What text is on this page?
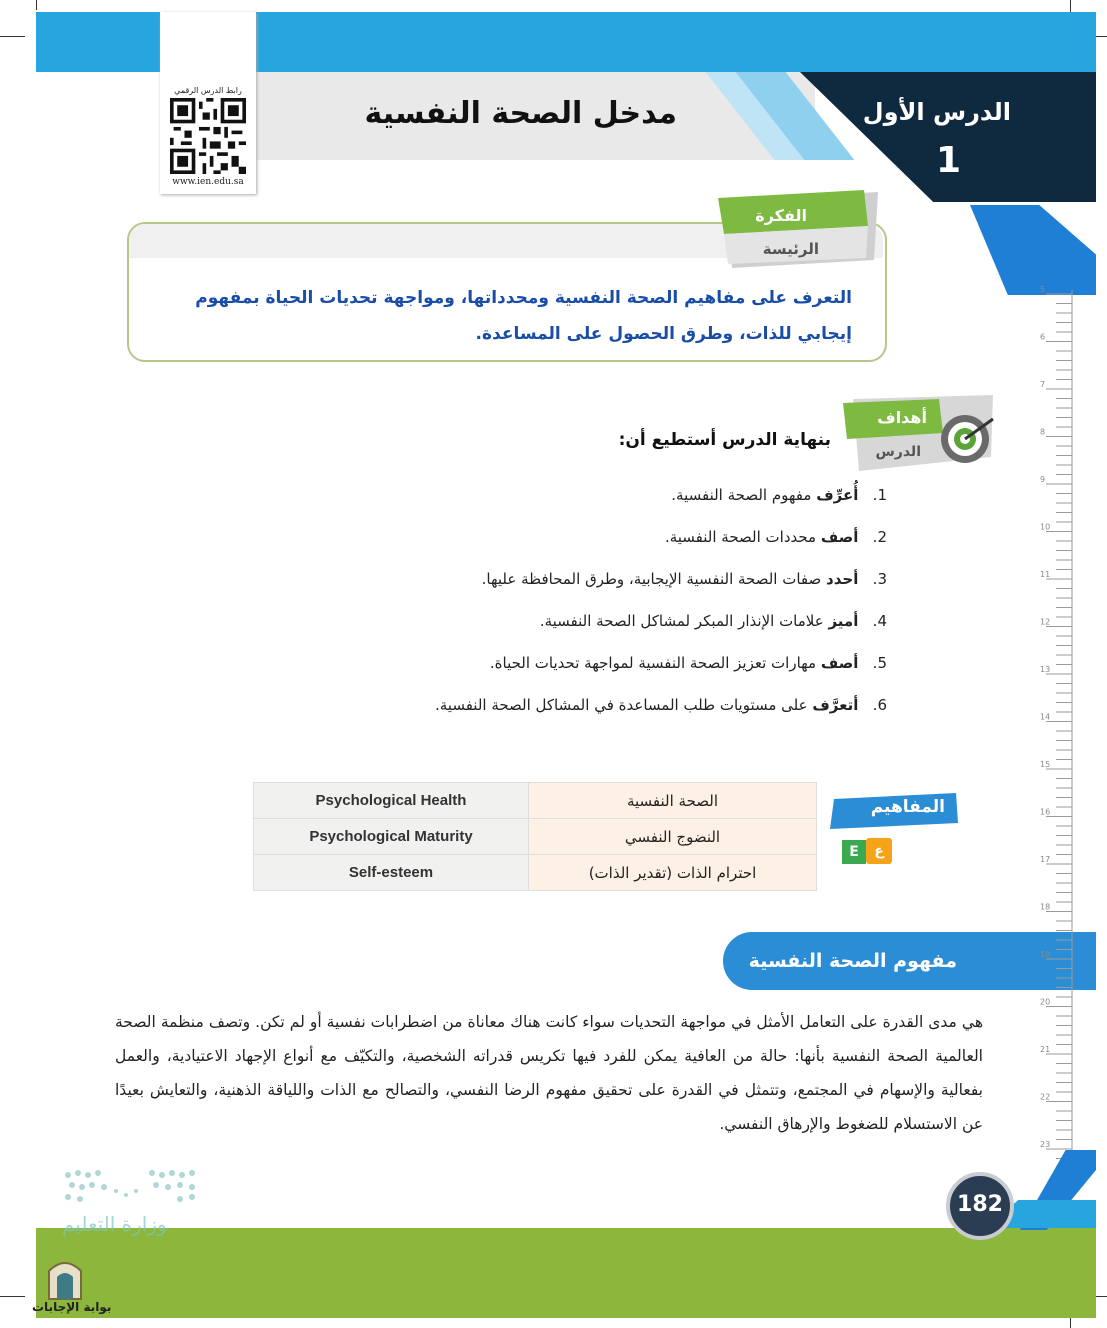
مدخل الصحة النفسية	الدرس الأول
1
رابط الدرس الرقمي
www.ien.edu.sa
الفكرة
الرئيسة
التعرف على مفاهيم الصحة النفسية ومحدداتها، ومواجهة تحديات الحياة بمفهوم إيجابي للذات، وطرق الحصول على المساعدة.
أهداف
الدرس
بنهاية الدرس أستطيع أن:
1.   أُعرِّف مفهوم الصحة النفسية.
2.   أصف محددات الصحة النفسية.
3.   أحدد صفات الصحة النفسية الإيجابية، وطرق المحافظة عليها.
4.   أميز علامات الإنذار المبكر لمشاكل الصحة النفسية.
5.   أصف مهارات تعزيز الصحة النفسية لمواجهة تحديات الحياة.
6.   أتعرَّف على مستويات طلب المساعدة في المشاكل الصحة النفسية.
Psychological Health	الصحة النفسية
Psychological Maturity	النضوج النفسي
Self-esteem	احترام الذات (تقدير الذات)
المفاهيم
E	ع
مفهوم الصحة النفسية
هي مدى القدرة على التعامل الأمثل في مواجهة التحديات سواء كانت هناك معاناة من اضطرابات نفسية أو لم تكن. وتصف منظمة الصحة العالمية الصحة النفسية بأنها: حالة من العافية يمكن للفرد فيها تكريس قدراته الشخصية، والتكيّف مع أنواع الإجهاد الاعتيادية، والعمل بفعالية والإسهام في المجتمع، وتتمثل في القدرة على تحقيق مفهوم الرضا النفسي، والتصالح مع الذات واللياقة الذهنية، والتعايش بعيدًا عن الاستسلام للضغوط والإرهاق النفسي.
5
6
7
8
9
10
11
12
13
14
15
16
17
18
19
20
21
22
23
182
وزارة التعليم
بوابة الإجابات
